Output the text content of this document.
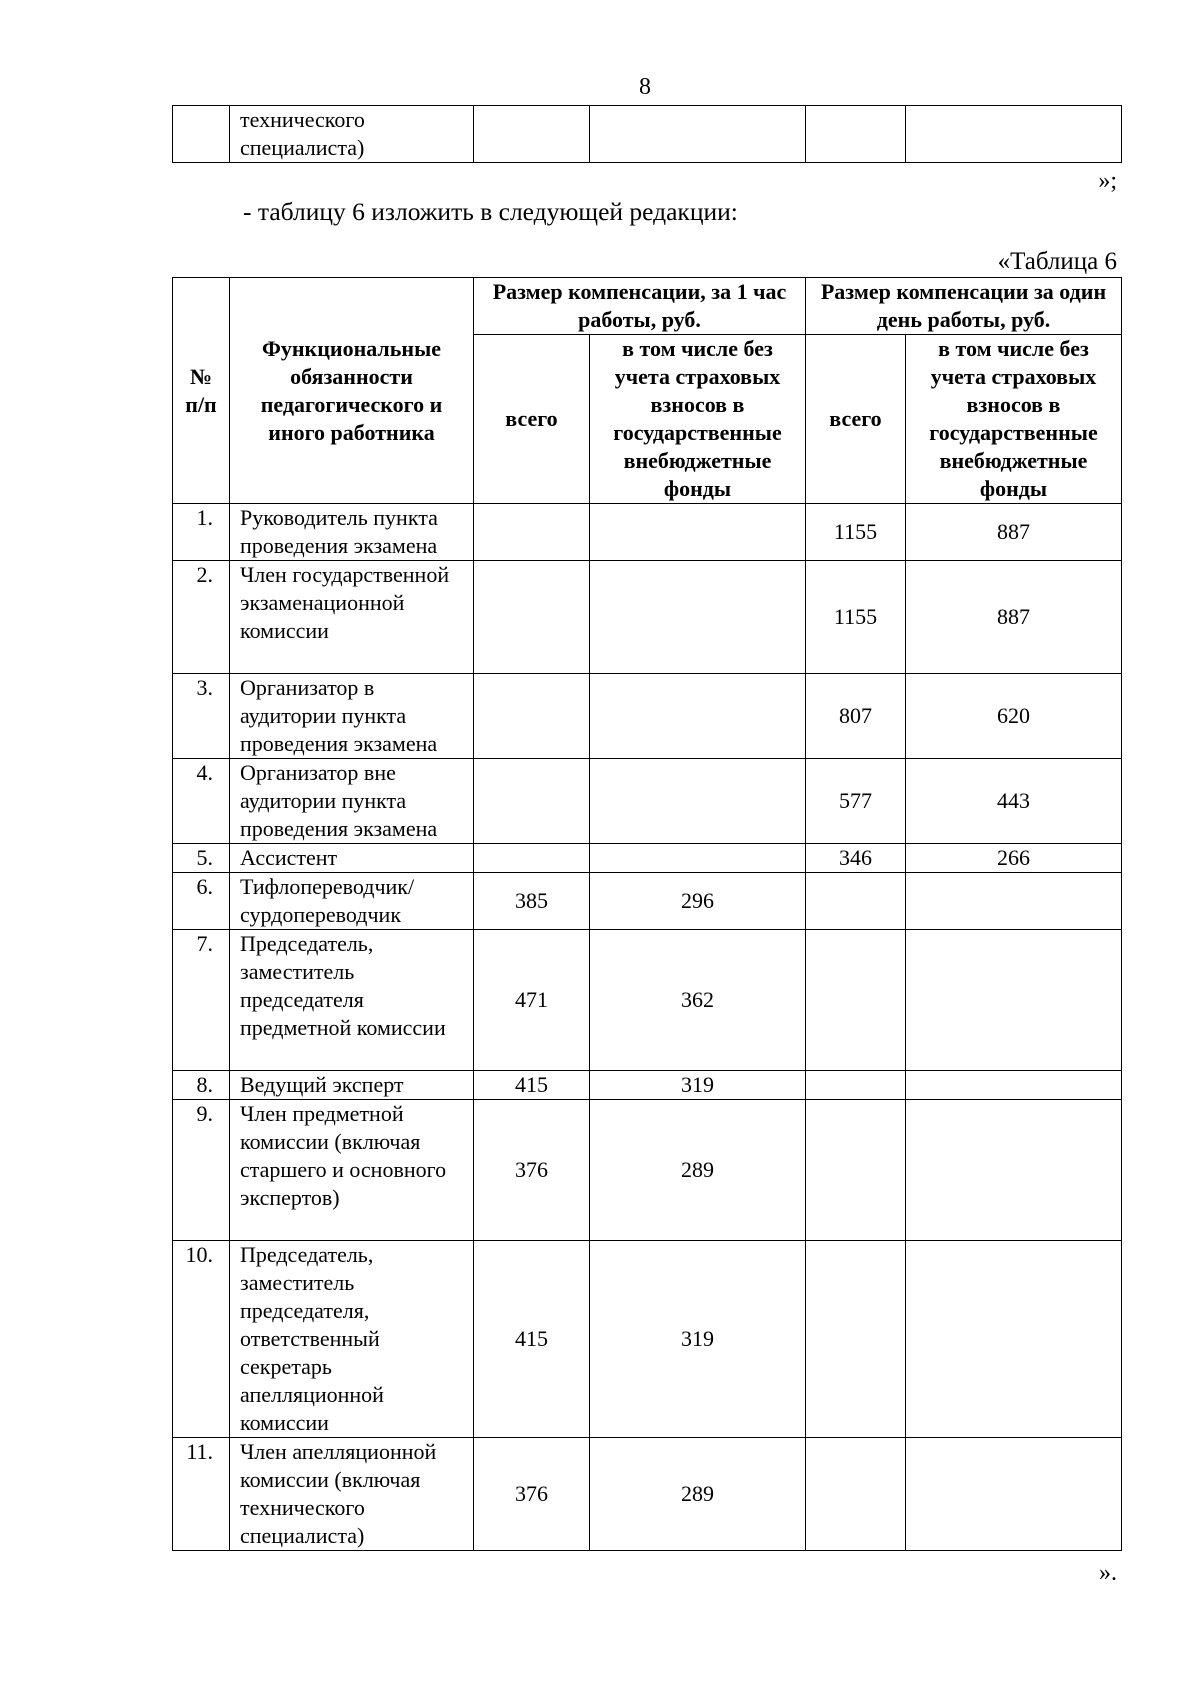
8
	технического специалиста)				
»;
- таблицу 6 изложить в следующей редакции:
«Таблица 6
№ п/п	Функциональные обязанности педагогического и иного работника	Размер компенсации, за 1 час работы, руб.		Размер компенсации за один день работы, руб.	
		всего	в том числе без учета страховых взносов в государственные внебюджетные фонды	всего	в том числе без учета страховых взносов в государственные внебюджетные фонды
1.	Руководитель пункта проведения экзамена			1155	887
2.	Член государственной экзаменационной комиссии			1155	887
3.	Организатор в аудитории пункта проведения экзамена			807	620
4.	Организатор вне аудитории пункта проведения экзамена			577	443
5.	Ассистент			346	266
6.	Тифлопереводчик/ сурдопереводчик	385	296		
7.	Председатель, заместитель председателя предметной комиссии	471	362		
8.	Ведущий эксперт	415	319		
9.	Член предметной комиссии (включая старшего и основного экспертов)	376	289		
10.	Председатель, заместитель председателя, ответственный секретарь апелляционной комиссии	415	319		
11.	Член апелляционной комиссии (включая технического специалиста)	376	289		
».
